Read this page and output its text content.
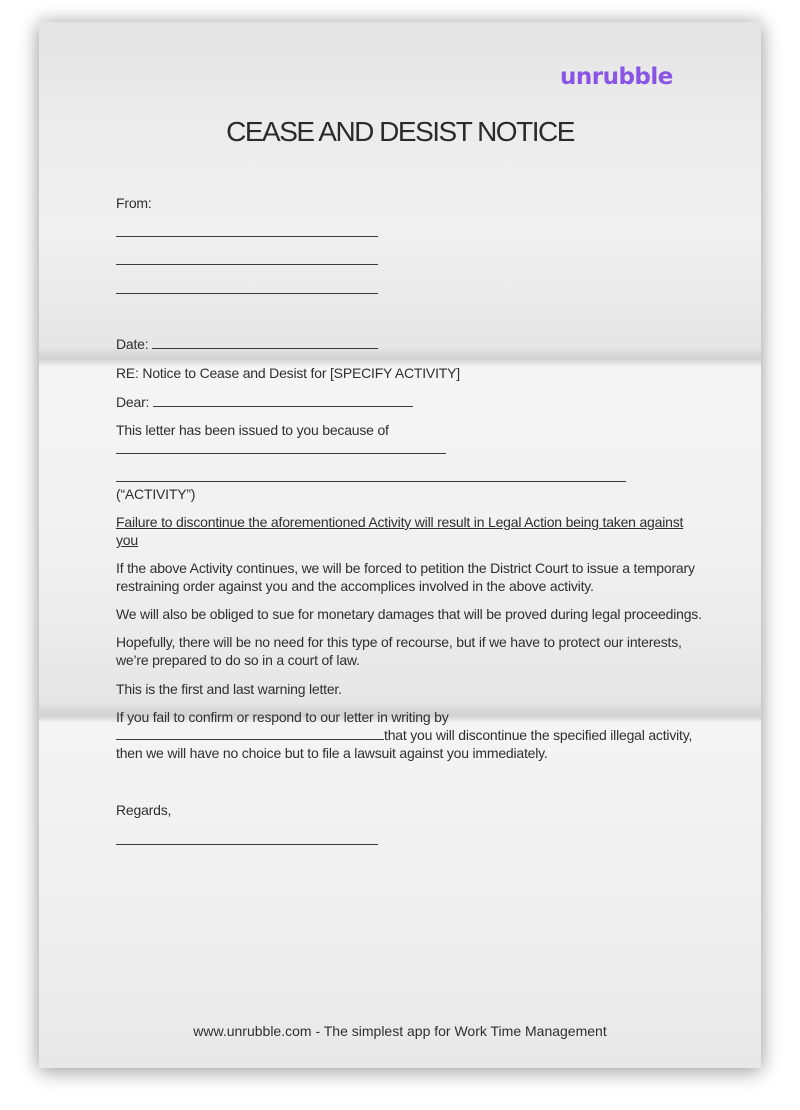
unrubble
CEASE AND DESIST NOTICE
From:
Date:
RE: Notice to Cease and Desist for [SPECIFY ACTIVITY]
Dear:
This letter has been issued to you because of
(“ACTIVITY”)
Failure to discontinue the aforementioned Activity will result in Legal Action being taken against
you
If the above Activity continues, we will be forced to petition the District Court to issue a temporary
restraining order against you and the accomplices involved in the above activity.
We will also be obliged to sue for monetary damages that will be proved during legal proceedings.
Hopefully, there will be no need for this type of recourse, but if we have to protect our interests,
we’re prepared to do so in a court of law.
This is the first and last warning letter.
If you fail to confirm or respond to our letter in writing by
that you will discontinue the specified illegal activity,
then we will have no choice but to file a lawsuit against you immediately.
Regards,
www.unrubble.com - The simplest app for Work Time Management
